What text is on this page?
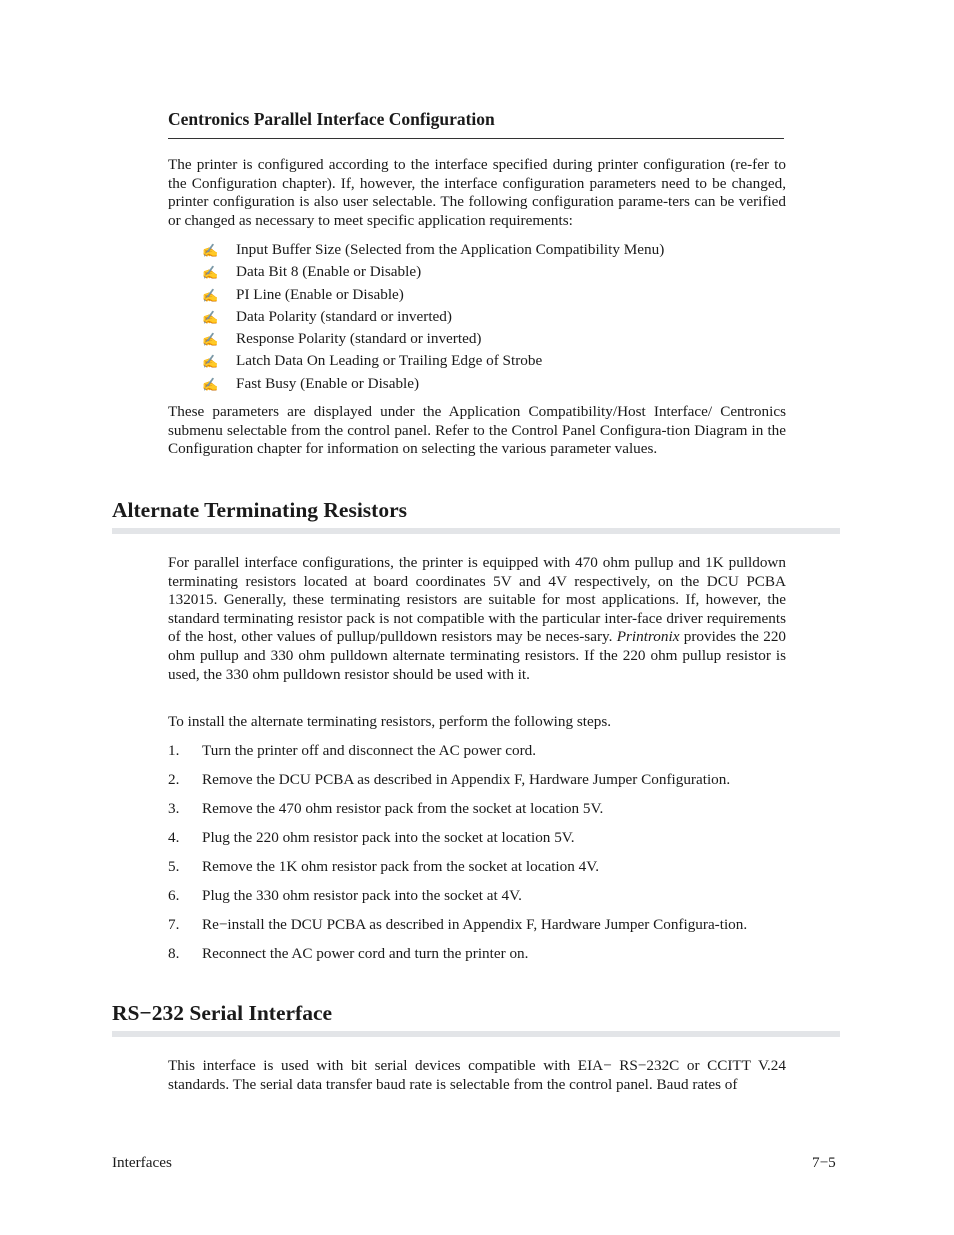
Centronics Parallel Interface Configuration

The printer is configured according to the interface specified during printer configuration (re-fer to the Configuration chapter). If, however, the interface configuration parameters need to be changed, printer configuration is also user selectable. The following configuration parame-ters can be verified or changed as necessary to meet specific application requirements:

✍	Input Buffer Size (Selected from the Application Compatibility Menu)
✍	Data Bit 8 (Enable or Disable)
✍	PI Line (Enable or Disable)
✍	Data Polarity (standard or inverted)
✍	Response Polarity (standard or inverted)
✍	Latch Data On Leading or Trailing Edge of Strobe
✍	Fast Busy (Enable or Disable)

These parameters are displayed under the Application Compatibility/Host Interface/ Centronics submenu selectable from the control panel. Refer to the Control Panel Configura-tion Diagram in the Configuration chapter for information on selecting the various parameter values.

Alternate Terminating Resistors

For parallel interface configurations, the printer is equipped with 470 ohm pullup and 1K pulldown terminating resistors located at board coordinates 5V and 4V respectively, on the DCU PCBA 132015. Generally, these terminating resistors are suitable for most applications. If, however, the standard terminating resistor pack is not compatible with the particular inter-face driver requirements of the host, other values of pullup/pulldown resistors may be neces-sary. Printronix provides the 220 ohm pullup and 330 ohm pulldown alternate terminating resistors. If the 220 ohm pullup resistor is used, the 330 ohm pulldown resistor should be used with it.

To install the alternate terminating resistors, perform the following steps.

1.	Turn the printer off and disconnect the AC power cord.
2.	Remove the DCU PCBA as described in Appendix F, Hardware Jumper Configuration.
3.	Remove the 470 ohm resistor pack from the socket at location 5V.
4.	Plug the 220 ohm resistor pack into the socket at location 5V.
5.	Remove the 1K ohm resistor pack from the socket at location 4V.
6.	Plug the 330 ohm resistor pack into the socket at 4V.
7.	Re−install the DCU PCBA as described in Appendix F, Hardware Jumper Configura-tion.
8.	Reconnect the AC power cord and turn the printer on.
RS−232 Serial Interface

This interface is used with bit serial devices compatible with EIA− RS−232C or CCITT V.24 standards. The serial data transfer baud rate is selectable from the control panel. Baud rates of

Interfaces	7−5
